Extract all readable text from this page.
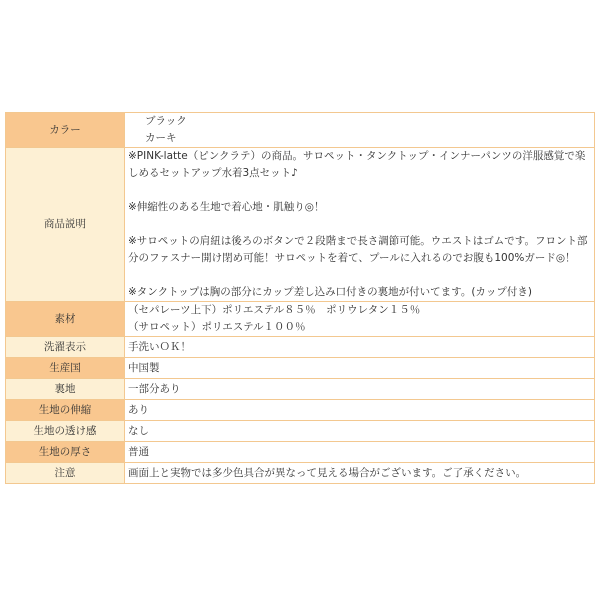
カラー	ブラック
カーキ

商品説明	※PINK-latte（ピンクラテ）の商品。サロペット・タンクトップ・インナーパンツの洋服感覚で楽しめるセットアップ水着3点セット♪
※伸縮性のある生地で着心地・肌触り◎！
※サロペットの肩紐は後ろのボタンで２段階まで長さ調節可能。ウエストはゴムです。フロント部分のファスナー開け閉め可能！サロペットを着て、プールに入れるのでお腹も100%ガード◎！
※タンクトップは胸の部分にカップ差し込み口付きの裏地が付いてます。(カップ付き)

素材	（セパレーツ上下）ポリエステル８５％　ポリウレタン１５％
（サロペット）ポリエステル１００％

洗濯表示	手洗いＯＫ！
生産国	中国製
裏地	一部分あり
生地の伸縮	あり
生地の透け感	なし
生地の厚さ	普通
注意	画面上と実物では多少色具合が異なって見える場合がございます。ご了承ください。
